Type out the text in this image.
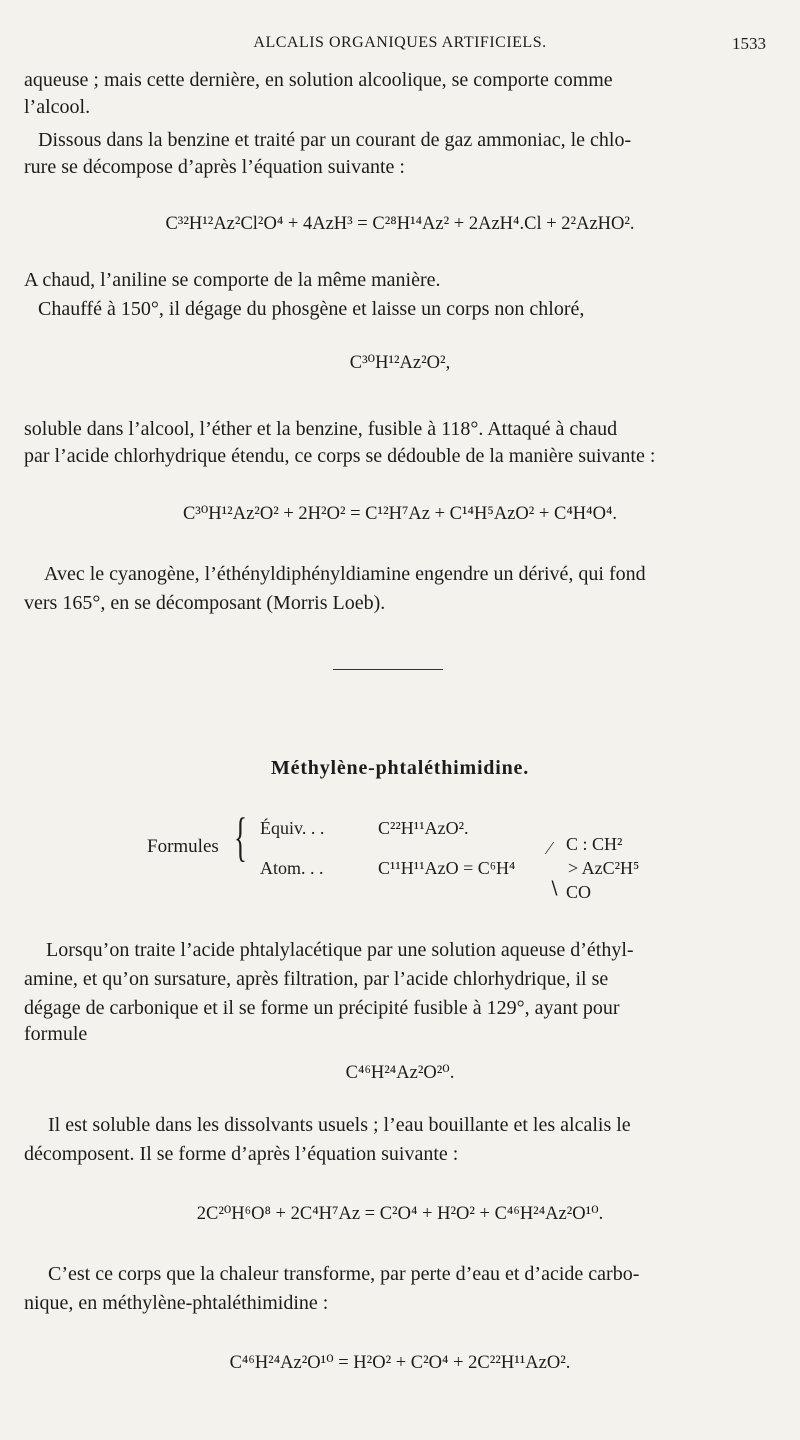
ALCALIS ORGANIQUES ARTIFICIELS.	1533

aqueuse ; mais cette dernière, en solution alcoolique, se comporte comme

l’alcool.

Dissous dans la benzine et traité par un courant de gaz ammoniac, le chlo-

rure se décompose d’après l’équation suivante :

C³²H¹²Az²Cl²O⁴ + 4AzH³ = C²⁸H¹⁴Az² + 2AzH⁴.Cl + 2²AzHO².

A chaud, l’aniline se comporte de la même manière.

Chauffé à 150°, il dégage du phosgène et laisse un corps non chloré,

C³⁰H¹²Az²O²,

soluble dans l’alcool, l’éther et la benzine, fusible à 118°. Attaqué à chaud

par l’acide chlorhydrique étendu, ce corps se dédouble de la manière suivante :

C³⁰H¹²Az²O² + 2H²O² = C¹²H⁷Az + C¹⁴H⁵AzO² + C⁴H⁴O⁴.

Avec le cyanogène, l’éthényldiphényldiamine engendre un dérivé, qui fond

vers 165°, en se décomposant (Morris Loeb).

Méthylène-phtaléthimidine.
Formules { Équiv. . .	C²²H¹¹AzO².
Atom. . .	C¹¹H¹¹AzO = C⁶H⁴
⁄
∖
C : CH²
> AzC²H⁵
CO

Lorsqu’on traite l’acide phtalylacétique par une solution aqueuse d’éthyl-

amine, et qu’on sursature, après filtration, par l’acide chlorhydrique, il se

dégage de carbonique et il se forme un précipité fusible à 129°, ayant pour

formule

C⁴⁶H²⁴Az²O²⁰.

Il est soluble dans les dissolvants usuels ; l’eau bouillante et les alcalis le

décomposent. Il se forme d’après l’équation suivante :

2C²⁰H⁶O⁸ + 2C⁴H⁷Az = C²O⁴ + H²O² + C⁴⁶H²⁴Az²O¹⁰.

C’est ce corps que la chaleur transforme, par perte d’eau et d’acide carbo-

nique, en méthylène-phtaléthimidine :

C⁴⁶H²⁴Az²O¹⁰ = H²O² + C²O⁴ + 2C²²H¹¹AzO².
